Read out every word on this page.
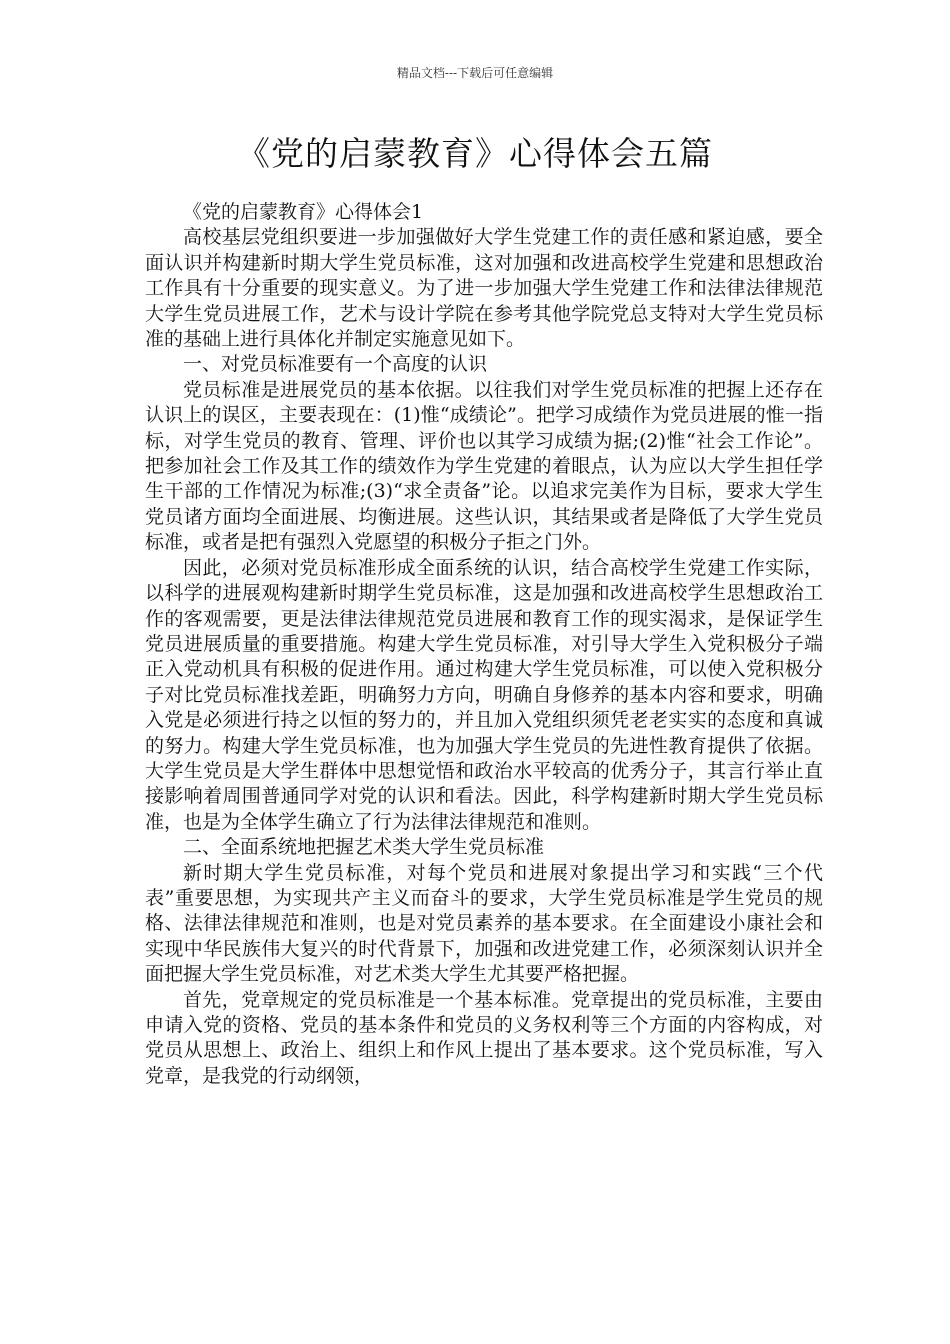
精品文档---下载后可任意编辑
《党的启蒙教育》心得体会五篇

《党的启蒙教育》心得体会1

高校基层党组织要进一步加强做好大学生党建工作的责任感和紧迫感，要全面认识并构建新时期大学生党员标准，这对加强和改进高校学生党建和思想政治工作具有十分重要的现实意义。为了进一步加强大学生党建工作和法律法律规范大学生党员进展工作，艺术与设计学院在参考其他学院党总支特对大学生党员标准的基础上进行具体化并制定实施意见如下。

一、对党员标准要有一个高度的认识

党员标准是进展党员的基本依据。以往我们对学生党员标准的把握上还存在认识上的误区，主要表现在：(1)惟“成绩论”。把学习成绩作为党员进展的惟一指标，对学生党员的教育、管理、评价也以其学习成绩为据;(2)惟“社会工作论”。把参加社会工作及其工作的绩效作为学生党建的着眼点，认为应以大学生担任学生干部的工作情况为标准;(3)“求全责备”论。以追求完美作为目标，要求大学生党员诸方面均全面进展、均衡进展。这些认识，其结果或者是降低了大学生党员标准，或者是把有强烈入党愿望的积极分子拒之门外。

因此，必须对党员标准形成全面系统的认识，结合高校学生党建工作实际，以科学的进展观构建新时期学生党员标准，这是加强和改进高校学生思想政治工作的客观需要，更是法律法律规范党员进展和教育工作的现实渴求，是保证学生党员进展质量的重要措施。构建大学生党员标准，对引导大学生入党积极分子端正入党动机具有积极的促进作用。通过构建大学生党员标准，可以使入党积极分子对比党员标准找差距，明确努力方向，明确自身修养的基本内容和要求，明确入党是必须进行持之以恒的努力的，并且加入党组织须凭老老实实的态度和真诚的努力。构建大学生党员标准，也为加强大学生党员的先进性教育提供了依据。大学生党员是大学生群体中思想觉悟和政治水平较高的优秀分子，其言行举止直接影响着周围普通同学对党的认识和看法。因此，科学构建新时期大学生党员标准，也是为全体学生确立了行为法律法律规范和准则。

二、全面系统地把握艺术类大学生党员标准

新时期大学生党员标准，对每个党员和进展对象提出学习和实践“三个代表”重要思想，为实现共产主义而奋斗的要求，大学生党员标准是学生党员的规格、法律法律规范和准则，也是对党员素养的基本要求。在全面建设小康社会和实现中华民族伟大复兴的时代背景下，加强和改进党建工作，必须深刻认识并全面把握大学生党员标准，对艺术类大学生尤其要严格把握。

首先，党章规定的党员标准是一个基本标准。党章提出的党员标准，主要由申请入党的资格、党员的基本条件和党员的义务权利等三个方面的内容构成，对党员从思想上、政治上、组织上和作风上提出了基本要求。这个党员标准，写入党章，是我党的行动纲领，
